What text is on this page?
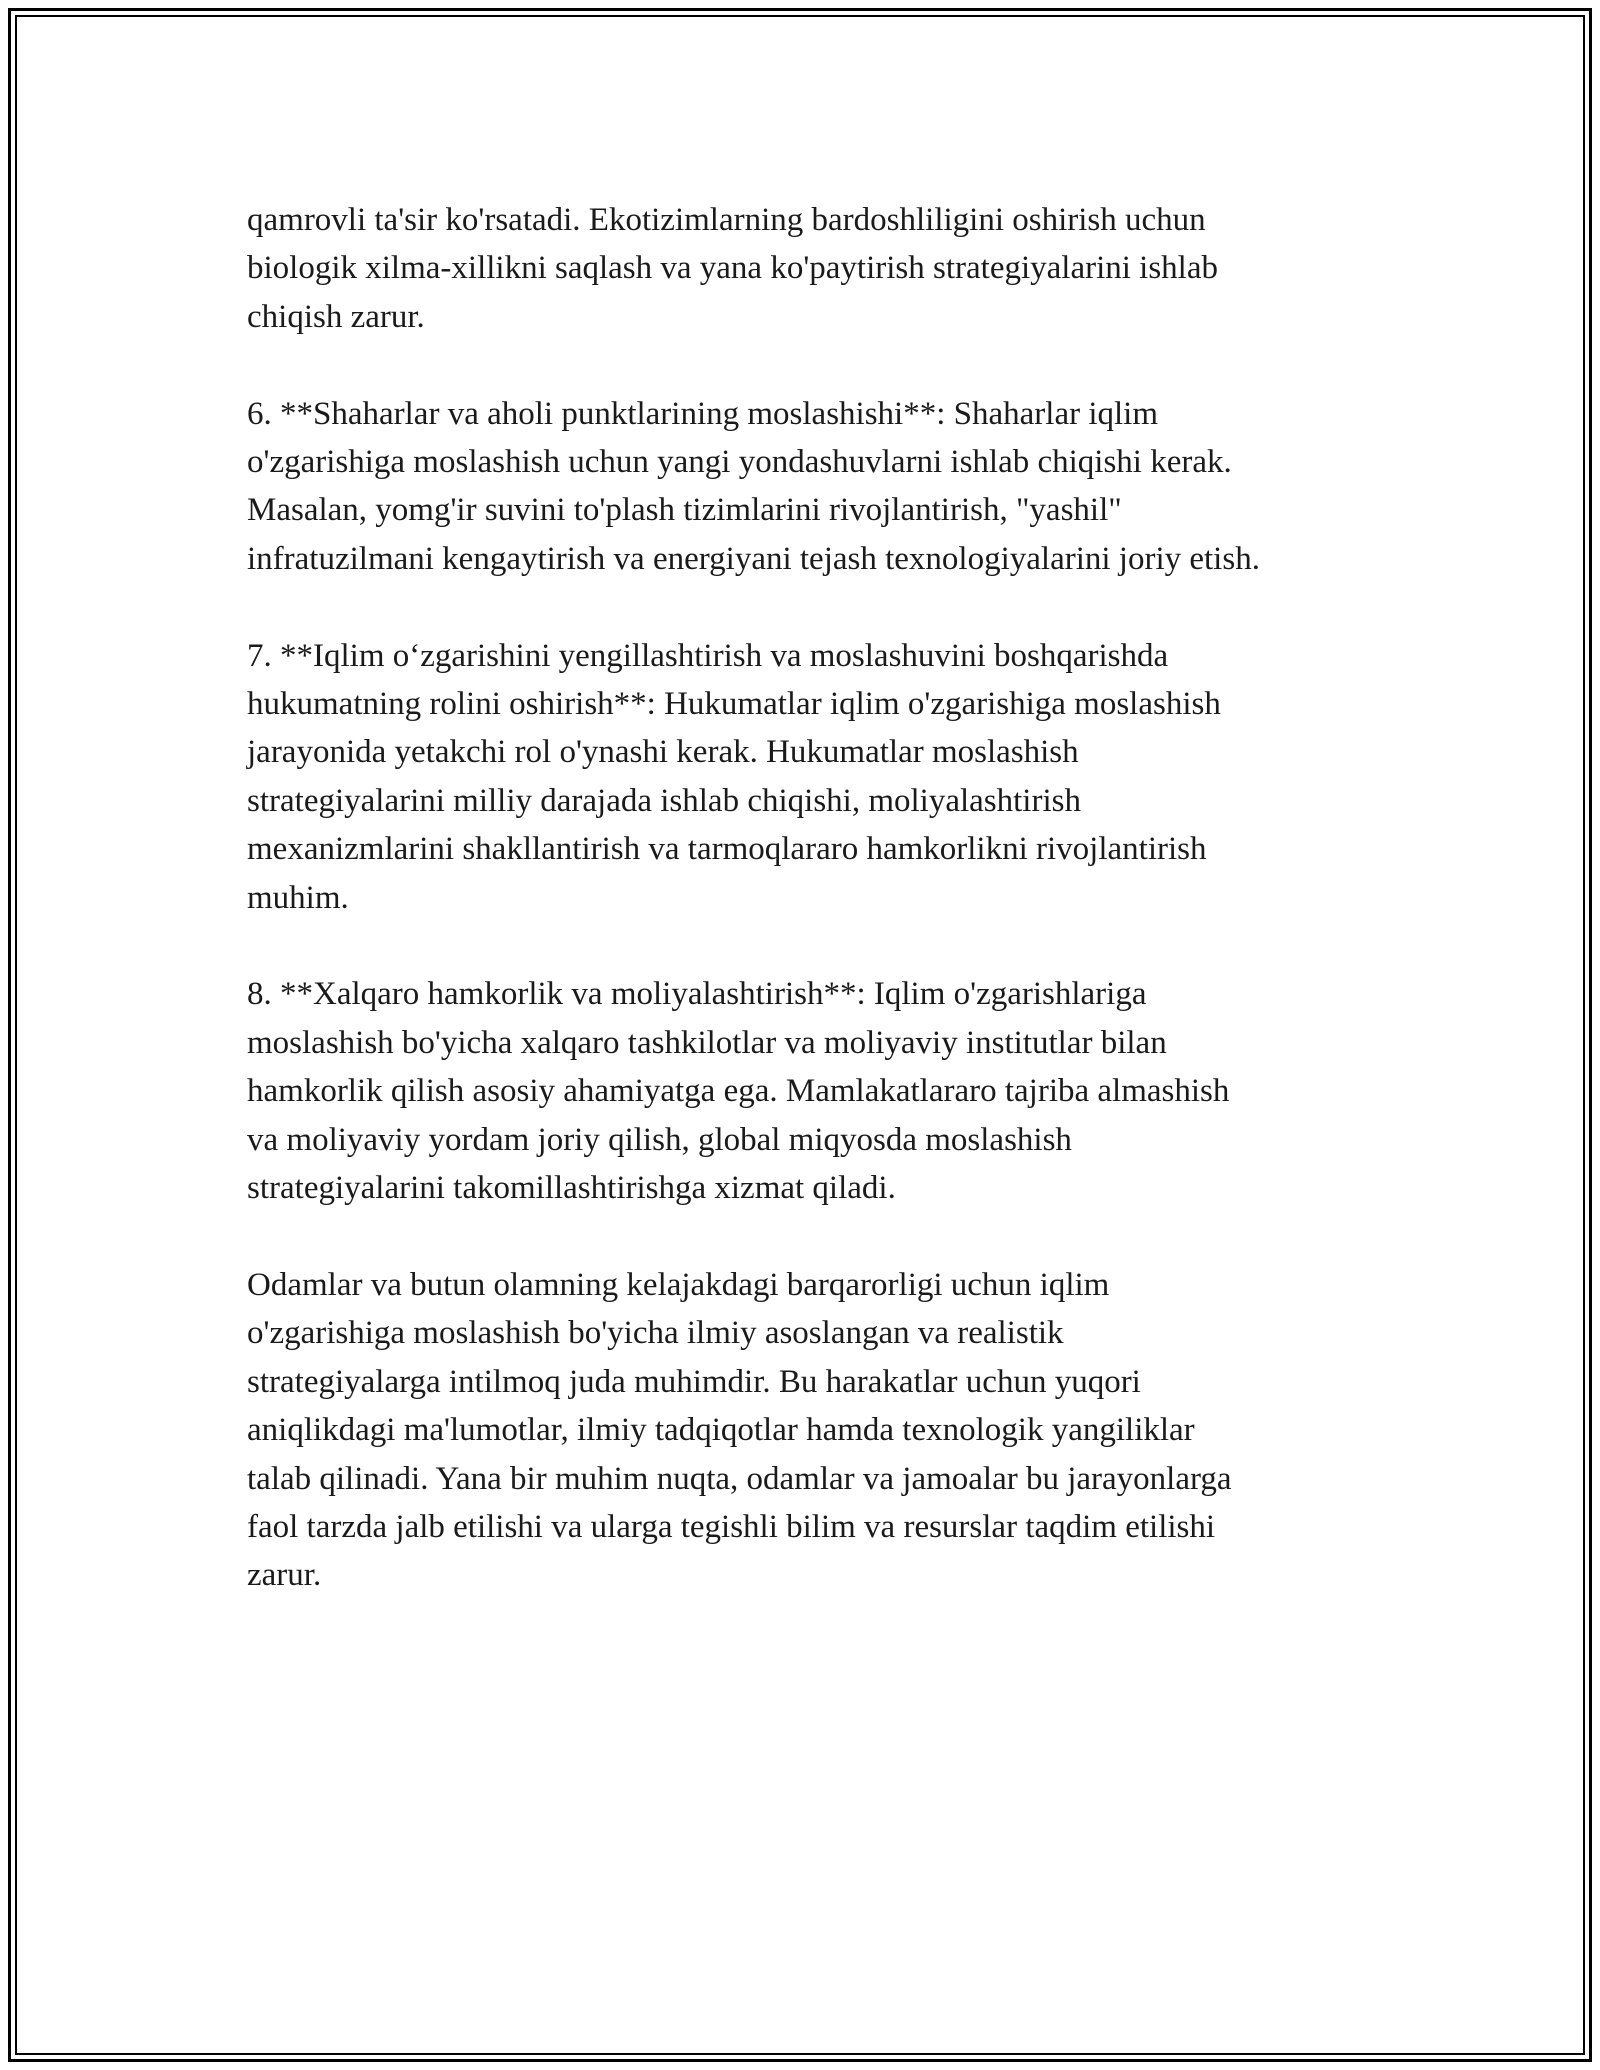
qamrovli ta'sir ko'rsatadi. Ekotizimlarning bardoshliligini oshirish uchun
biologik xilma-xillikni saqlash va yana ko'paytirish strategiyalarini ishlab
chiqish zarur.

6. **Shaharlar va aholi punktlarining moslashishi**: Shaharlar iqlim
o'zgarishiga moslashish uchun yangi yondashuvlarni ishlab chiqishi kerak.
Masalan, yomg'ir suvini to'plash tizimlarini rivojlantirish, "yashil"
infratuzilmani kengaytirish va energiyani tejash texnologiyalarini joriy etish.

7. **Iqlim o‘zgarishini yengillashtirish va moslashuvini boshqarishda
hukumatning rolini oshirish**: Hukumatlar iqlim o'zgarishiga moslashish
jarayonida yetakchi rol o'ynashi kerak. Hukumatlar moslashish
strategiyalarini milliy darajada ishlab chiqishi, moliyalashtirish
mexanizmlarini shakllantirish va tarmoqlararo hamkorlikni rivojlantirish
muhim.

8. **Xalqaro hamkorlik va moliyalashtirish**: Iqlim o'zgarishlariga
moslashish bo'yicha xalqaro tashkilotlar va moliyaviy institutlar bilan
hamkorlik qilish asosiy ahamiyatga ega. Mamlakatlararo tajriba almashish
va moliyaviy yordam joriy qilish, global miqyosda moslashish
strategiyalarini takomillashtirishga xizmat qiladi.

Odamlar va butun olamning kelajakdagi barqarorligi uchun iqlim
o'zgarishiga moslashish bo'yicha ilmiy asoslangan va realistik
strategiyalarga intilmoq juda muhimdir. Bu harakatlar uchun yuqori
aniqlikdagi ma'lumotlar, ilmiy tadqiqotlar hamda texnologik yangiliklar
talab qilinadi. Yana bir muhim nuqta, odamlar va jamoalar bu jarayonlarga
faol tarzda jalb etilishi va ularga tegishli bilim va resurslar taqdim etilishi
zarur.
